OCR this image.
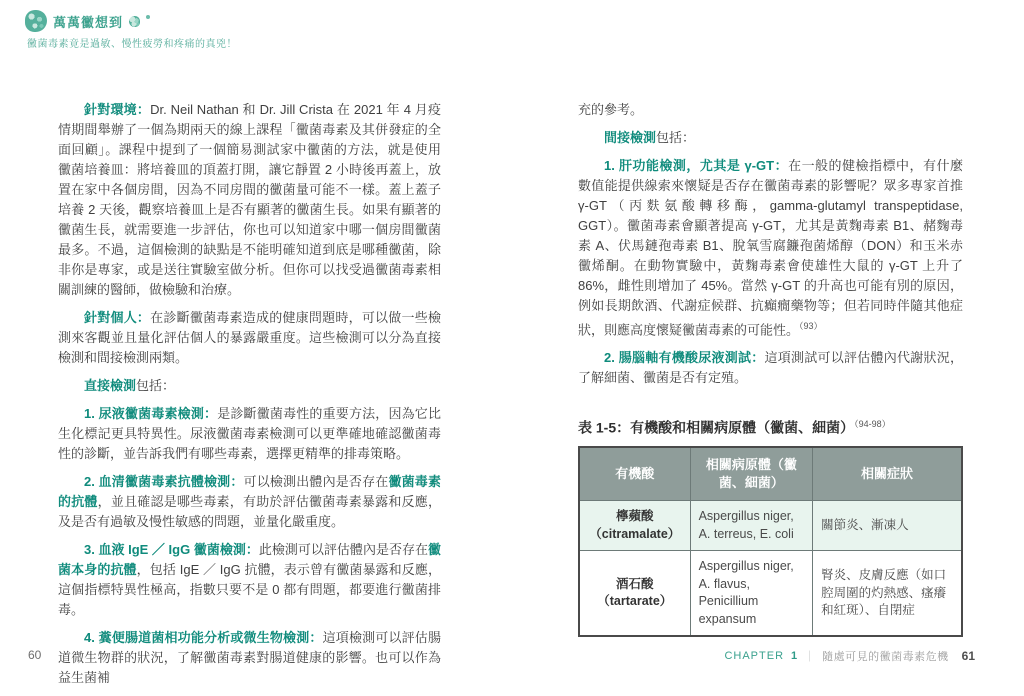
萬萬黴想到
黴菌毒素竟是過敏、慢性疲勞和疼痛的真兇！

針對環境：Dr. Neil Nathan 和 Dr. Jill Crista 在 2021 年 4 月疫情期間舉辦了一個為期兩天的線上課程「黴菌毒素及其併發症的全面回顧」。課程中提到了一個簡易測試家中黴菌的方法，就是使用黴菌培養皿：將培養皿的頂蓋打開，讓它靜置 2 小時後再蓋上，放置在家中各個房間，因為不同房間的黴菌量可能不一樣。蓋上蓋子培養 2 天後，觀察培養皿上是否有顯著的黴菌生長。如果有顯著的黴菌生長，就需要進一步評估，你也可以知道家中哪一個房間黴菌最多。不過，這個檢測的缺點是不能明確知道到底是哪種黴菌，除非你是專家，或是送往實驗室做分析。但你可以找受過黴菌毒素相關訓練的醫師，做檢驗和治療。

針對個人：在診斷黴菌毒素造成的健康問題時，可以做一些檢測來客觀並且量化評估個人的暴露嚴重度。這些檢測可以分為直接檢測和間接檢測兩類。

直接檢測包括：

1. 尿液黴菌毒素檢測：是診斷黴菌毒性的重要方法，因為它比生化標記更具特異性。尿液黴菌毒素檢測可以更準確地確認黴菌毒性的診斷，並告訴我們有哪些毒素，選擇更精準的排毒策略。

2. 血清黴菌毒素抗體檢測：可以檢測出體內是否存在黴菌毒素的抗體，並且確認是哪些毒素，有助於評估黴菌毒素暴露和反應，及是否有過敏及慢性敏感的問題，並量化嚴重度。

3. 血液 IgE ／ IgG 黴菌檢測：此檢測可以評估體內是否存在黴菌本身的抗體，包括 IgE ／ IgG 抗體，表示曾有黴菌暴露和反應，這個指標特異性極高，指數只要不是 0 都有問題，都要進行黴菌排毒。

4. 糞便腸道菌相功能分析或微生物檢測：這項檢測可以評估腸道微生物群的狀況，了解黴菌毒素對腸道健康的影響。也可以作為益生菌補

充的參考。

間接檢測包括：

1. 肝功能檢測，尤其是 γ-GT：在一般的健檢指標中，有什麼數值能提供線索來懷疑是否存在黴菌毒素的影響呢？眾多專家首推 γ-GT（丙麩氨酸轉移酶，gamma-glutamyl transpeptidase, GGT）。黴菌毒素會顯著提高 γ-GT，尤其是黃麴毒素 B1、赭麴毒素 A、伏馬鏈孢毒素 B1、脫氧雪腐鐮孢菌烯醇（DON）和玉米赤黴烯酮。在動物實驗中，黃麴毒素會使雄性大鼠的 γ-GT 上升了 86%，雌性則增加了 45%。當然 γ-GT 的升高也可能有別的原因，例如長期飲酒、代謝症候群、抗癲癇藥物等；但若同時伴隨其他症狀，則應高度懷疑黴菌毒素的可能性。$^{(93)}$

2. 腸腦軸有機酸尿液測試：這項測試可以評估體內代謝狀況，了解細菌、黴菌是否有定殖。

表 1-5：有機酸和相關病原體（黴菌、細菌）$^{(94-98)}$
有機酸	相關病原體（黴菌、細菌）	相關症狀
檸蘋酸
（citramalate）	Aspergillus niger, A. terreus, E. coli	關節炎、漸凍人
酒石酸
（tartarate）	Aspergillus niger, A. flavus, Penicillium expansum	腎炎、皮膚反應（如口腔周圍的灼熱感、瘙癢和紅斑）、自閉症
60	CHAPTER 1 ｜ 隨處可見的黴菌毒素危機 61
